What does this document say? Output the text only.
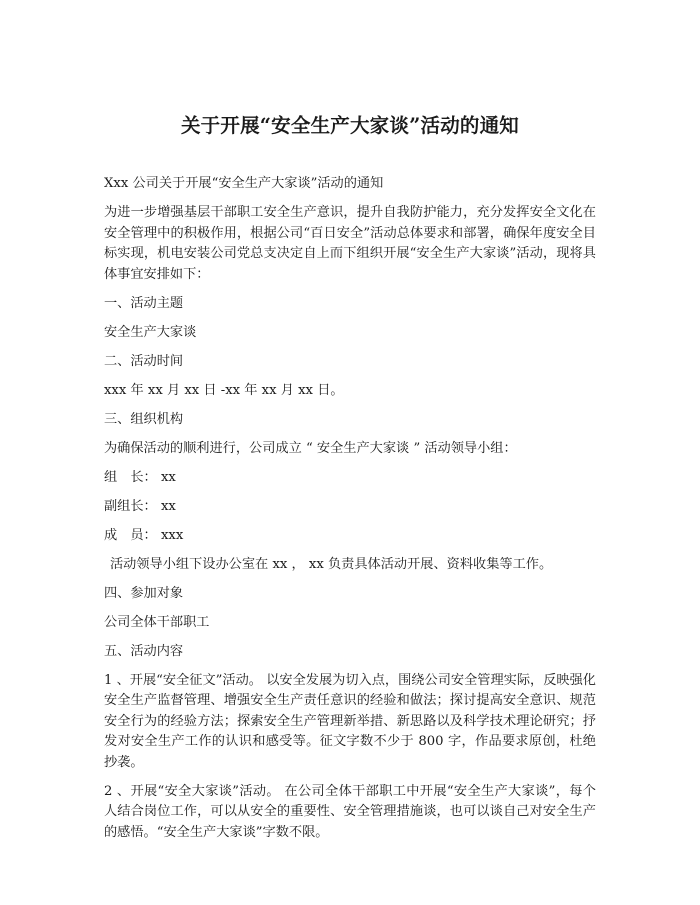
关于开展“安全生产大家谈”活动的通知

Xxx 公司关于开展“安全生产大家谈”活动的通知

为进一步增强基层干部职工安全生产意识，提升自我防护能力，充分发挥安全文化在安全管理中的积极作用，根据公司“百日安全”活动总体要求和部署，确保年度安全目标实现，机电安装公司党总支决定自上而下组织开展“安全生产大家谈”活动，现将具体事宜安排如下：

一、活动主题

安全生产大家谈

二、活动时间

xxx 年 xx 月 xx 日 -xx 年 xx 月 xx 日。

三、组织机构

为确保活动的顺利进行，公司成立 “ 安全生产大家谈 ” 活动领导小组：

组　长： xx

副组长： xx

成　员： xxx

活动领导小组下设办公室在 xx ， xx 负责具体活动开展、资料收集等工作。

四、参加对象

公司全体干部职工

五、活动内容

1 、开展“安全征文”活动。 以安全发展为切入点，围绕公司安全管理实际，反映强化安全生产监督管理、增强安全生产责任意识的经验和做法；探讨提高安全意识、规范安全行为的经验方法；探索安全生产管理新举措、新思路以及科学技术理论研究；抒发对安全生产工作的认识和感受等。征文字数不少于 800 字，作品要求原创，杜绝抄袭。

2 、开展“安全大家谈”活动。 在公司全体干部职工中开展“安全生产大家谈”，每个人结合岗位工作，可以从安全的重要性、安全管理措施谈，也可以谈自己对安全生产的感悟。“安全生产大家谈”字数不限。
